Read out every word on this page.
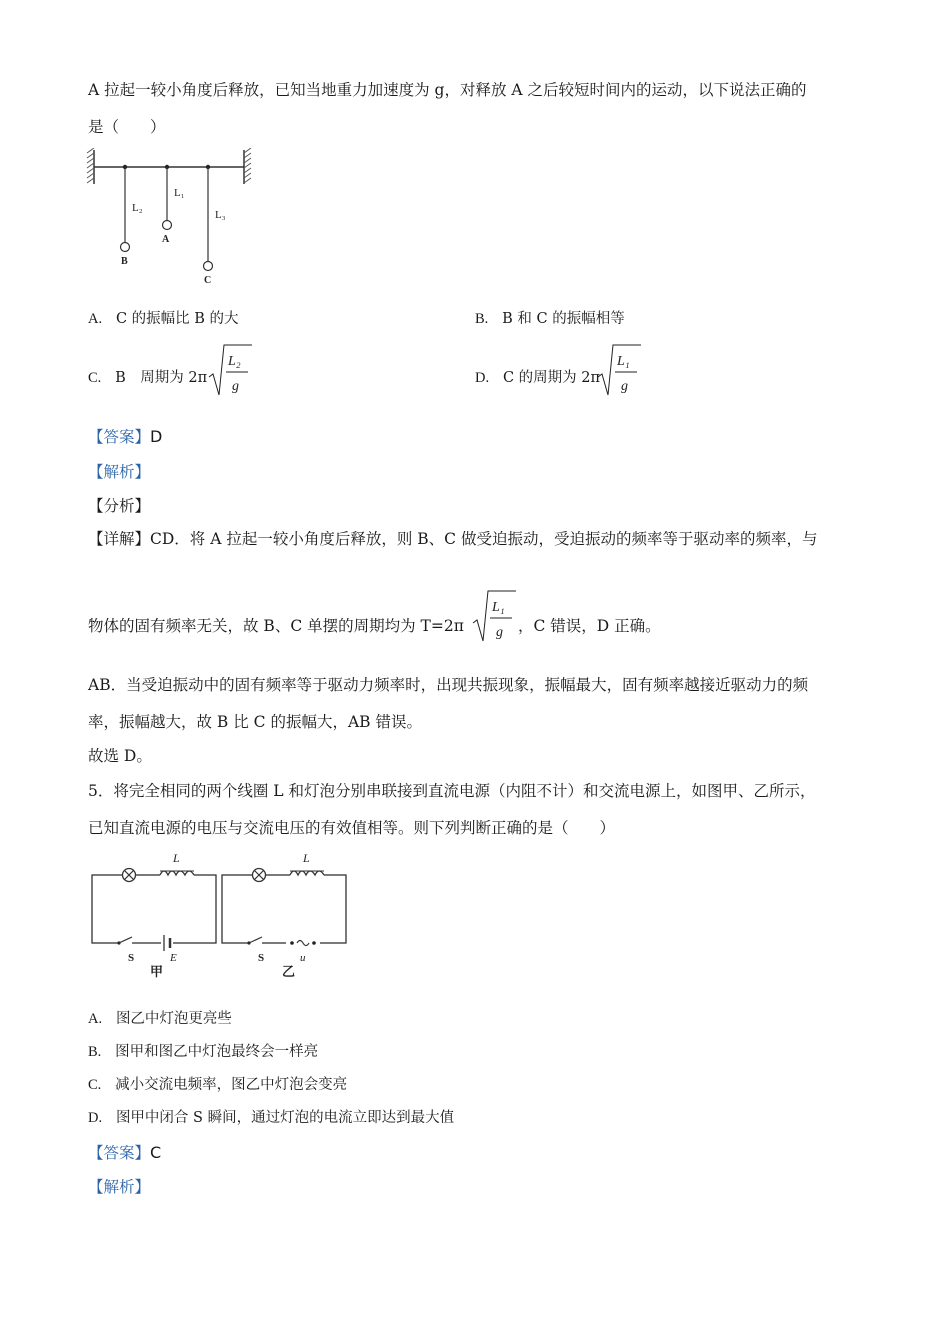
A 拉起一较小角度后释放，已知当地重力加速度为 g，对释放 A 之后较短时间内的运动，以下说法正确的
是（　　）
L₂
L₁
L₃
A
B
C
A. C 的振幅比 B 的大	B. B 和 C 的振幅相等
C. B　周期为 2π
L₂
g
D. C 的周期为 2π
L₁
g
【答案】D
【解析】
【分析】
【详解】CD．将 A 拉起一较小角度后释放，则 B、C 做受迫振动，受迫振动的频率等于驱动率的频率，与
物体的固有频率无关，故 B、C 单摆的周期均为 T=2π
L₁
g ，C 错误，D 正确。
AB．当受迫振动中的固有频率等于驱动力频率时，出现共振现象，振幅最大，固有频率越接近驱动力的频
率，振幅越大，故 B 比 C 的振幅大，AB 错误。
故选 D。
5．将完全相同的两个线圈 L 和灯泡分别串联接到直流电源（内阻不计）和交流电源上，如图甲、乙所示，
已知直流电源的电压与交流电压的有效值相等。则下列判断正确的是（　　）
L
S	E
甲
L
S	u
乙
A. 图乙中灯泡更亮些
B. 图甲和图乙中灯泡最终会一样亮
C. 减小交流电频率，图乙中灯泡会变亮
D. 图甲中闭合 S 瞬间，通过灯泡的电流立即达到最大值
【答案】C
【解析】
